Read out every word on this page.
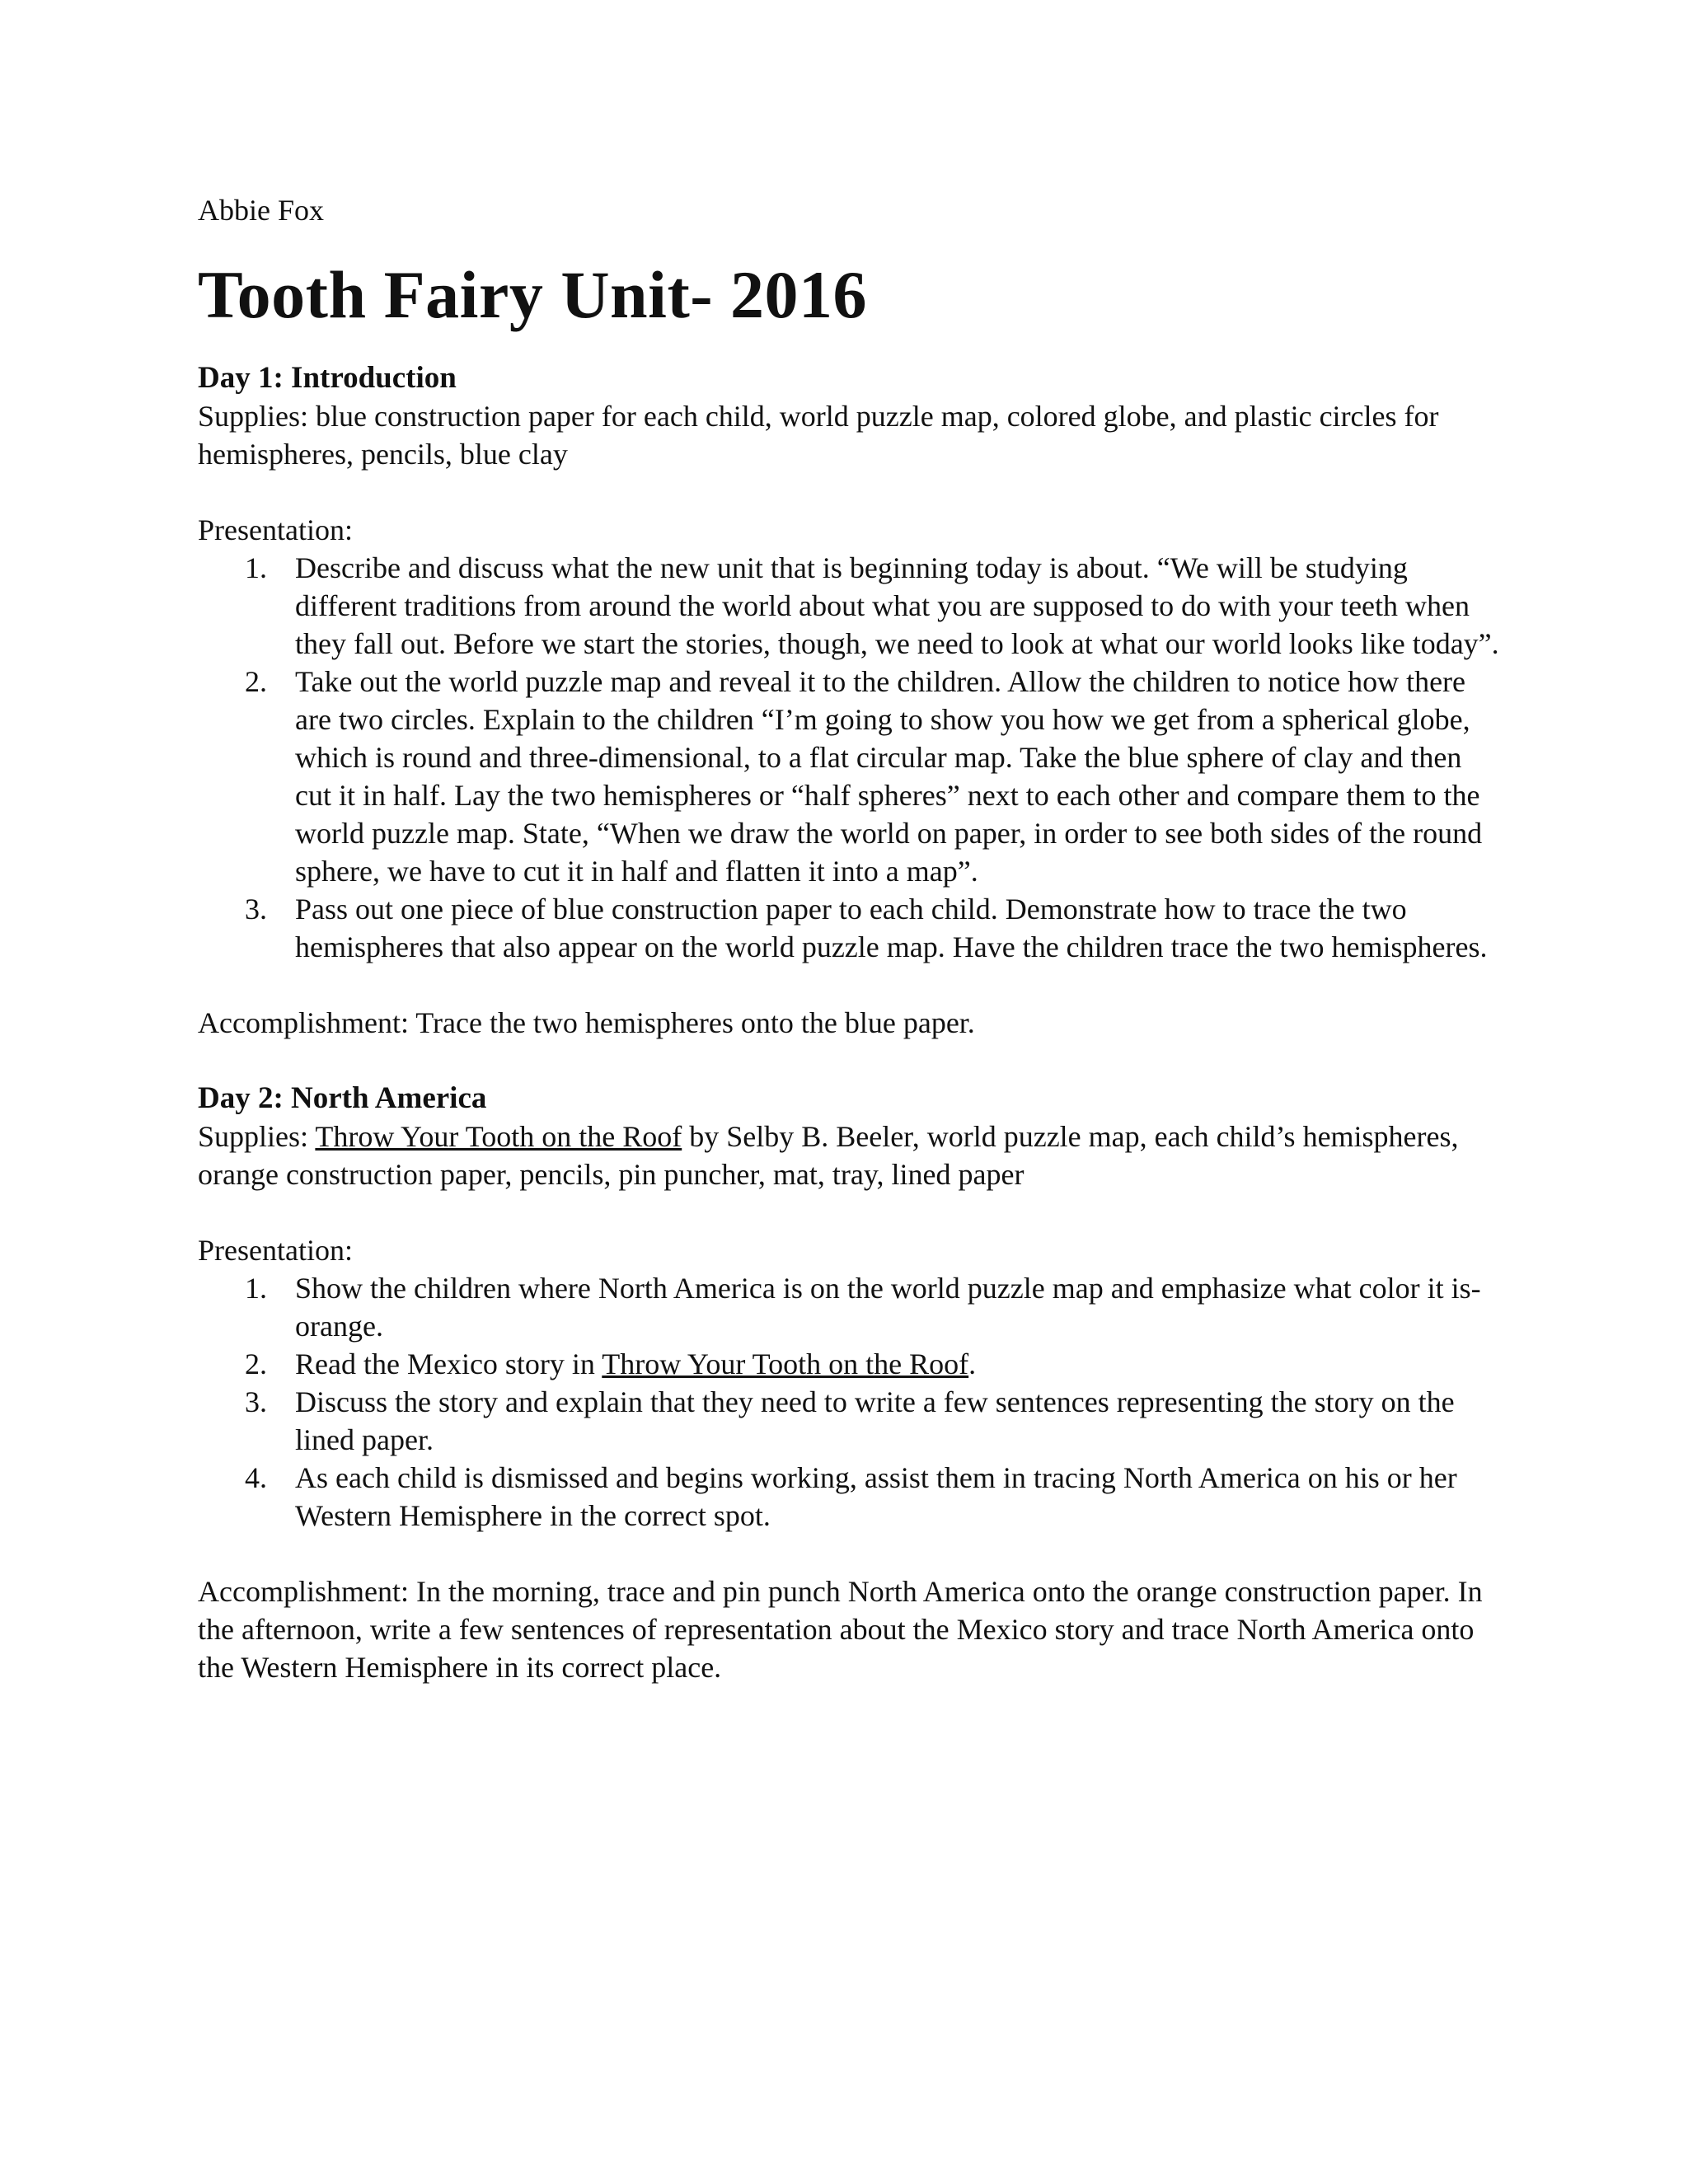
Abbie Fox

Tooth Fairy Unit- 2016

Day 1: Introduction

Supplies: blue construction paper for each child, world puzzle map, colored globe, and plastic circles for hemispheres, pencils, blue clay

Presentation:

1. Describe and discuss what the new unit that is beginning today is about. “We will be studying different traditions from around the world about what you are supposed to do with your teeth when they fall out. Before we start the stories, though, we need to look at what our world looks like today”.
2. Take out the world puzzle map and reveal it to the children. Allow the children to notice how there are two circles. Explain to the children “I’m going to show you how we get from a spherical globe, which is round and three-dimensional, to a flat circular map. Take the blue sphere of clay and then cut it in half. Lay the two hemispheres or “half spheres” next to each other and compare them to the world puzzle map. State, “When we draw the world on paper, in order to see both sides of the round sphere, we have to cut it in half and flatten it into a map”.
3. Pass out one piece of blue construction paper to each child. Demonstrate how to trace the two hemispheres that also appear on the world puzzle map. Have the children trace the two hemispheres.

Accomplishment: Trace the two hemispheres onto the blue paper.

Day 2: North America

Supplies: Throw Your Tooth on the Roof by Selby B. Beeler, world puzzle map, each child’s hemispheres, orange construction paper, pencils, pin puncher, mat, tray, lined paper

Presentation:

1. Show the children where North America is on the world puzzle map and emphasize what color it is- orange.
2. Read the Mexico story in Throw Your Tooth on the Roof.
3. Discuss the story and explain that they need to write a few sentences representing the story on the lined paper.
4. As each child is dismissed and begins working, assist them in tracing North America on his or her Western Hemisphere in the correct spot.

Accomplishment: In the morning, trace and pin punch North America onto the orange construction paper. In the afternoon, write a few sentences of representation about the Mexico story and trace North America onto the Western Hemisphere in its correct place.
